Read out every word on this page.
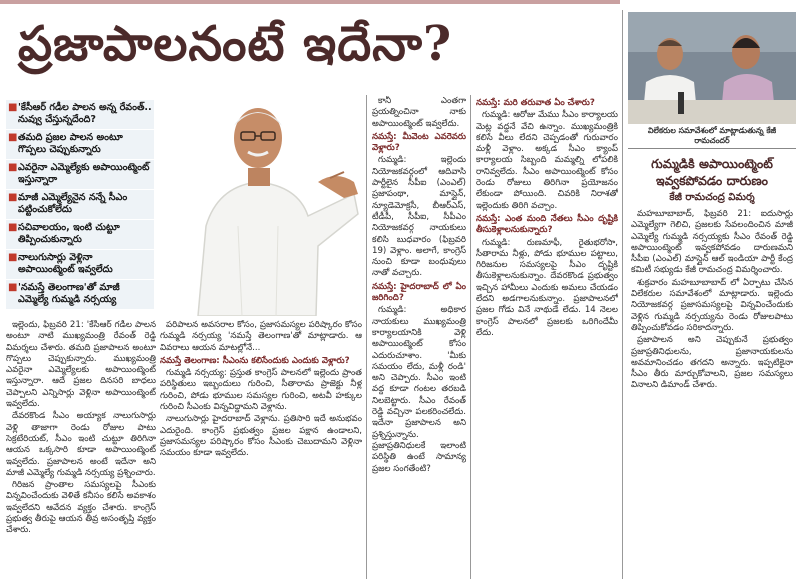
ప్రజాపాలనంటే ఇదేనా?
■ 'కేసీఆర్ గడీల పాలన అన్న రేవంత్.. నువ్వు చేస్తున్నదేంది?
■ తమది ప్రజల పాలన అంటూ గొప్పలు చెప్పుకున్నారు
■ ఎవరైనా ఎమ్మెల్యేకు అపాయింట్మెంట్ ఇస్తున్నారా
■ మాజీ ఎమ్మెల్యేనైన నన్నే సీఎం పట్టించుకోలేదు
■ సచివాలయం, ఇంటి చుట్టూ తిప్పించుకున్నారు
■ నాలుగుసార్లు వెళ్లినా అపాయింట్మెంట్ ఇవ్వలేదు
■ 'నమస్తే తెలంగాణ'తో మాజీ ఎమ్మెల్యే గుమ్మడి నర్సయ్య

ఇల్లెందు, ఫిబ్రవరి 21: 'కేసీఆర్ గడీల పాలన అంటూ నాటి ముఖ్యమంత్రి రేవంత్ రెడ్డి విమర్శలు చేశారు. తమది ప్రజాపాలన అంటూ గొప్పలు చెప్పుకున్నారు. ముఖ్యమంత్రి ఎవరైనా ఎమ్మెల్యేలకు అపాయింట్మెంట్ ఇస్తున్నారా. ఆదే ప్రజల దినసరి బాధలు చెప్పాలని ఎన్నిసార్లు వెళ్లినా అపాయింట్మెంట్ ఇవ్వలేదు.

దేవరకొండ సీఎం అయ్యాక నాలుగుసార్లు వెళ్లి తాజాగా రెండు రోజుల పాటు సెక్రటేరియట్, సీఎం ఇంటి చుట్టూ తిరిగినా ఆయన ఒక్కసారి కూడా అపాయింట్మెంట్ ఇవ్వలేదు. ప్రజాపాలన అంటే ఇదేనా అని మాజీ ఎమ్మెల్యే గుమ్మడి నర్సయ్య ప్రశ్నించారు.

గిరిజన ప్రాంతాల సమస్యలపై సీఎంకు విన్నవించేందుకు వెళితే కనీసం కలిసే అవకాశం ఇవ్వలేదని ఆవేదన వ్యక్తం చేశారు. కాంగ్రెస్ ప్రభుత్వ తీరుపై ఆయన తీవ్ర అసంతృప్తి వ్యక్తం చేశారు.

పరిపాలన అవసరాల కోసం, ప్రజాసమస్యల పరిష్కారం కోసం గుమ్మడి నర్సయ్య 'నమస్తే తెలంగాణ'తో మాట్లాడారు. ఆ వివరాలు ఆయన మాటల్లోనే...

నమస్తే తెలంగాణ: సీఎంను కలిసేందుకు ఎందుకు వెళ్లారు?

గుమ్మడి నర్సయ్య: ప్రస్తుత కాంగ్రెస్ పాలనలో ఇల్లెందు ప్రాంత పరిస్థితులు ఇబ్బందులు గురించి, సీతారామ ప్రాజెక్టు నీళ్ల గురించి, పోడు భూముల సమస్యల గురించి, అటవీ హక్కుల గురించి సీఎంకు విన్నవిద్దామని వెళ్లాను.

నాలుగుసార్లు హైదరాబాద్ వెళ్లాను. ప్రతిసారి ఇదే అనుభవం ఎదురైంది. కాంగ్రెస్ ప్రభుత్వం ప్రజల పక్షాన ఉండాలని, ప్రజాసమస్యల పరిష్కారం కోసం సీఎంకు చెబుదామని వెళ్లినా సమయం కూడా ఇవ్వలేదు.

కానీ ఎంతగా ప్రయత్నించినా నాకు అపాయింట్మెంట్ ఇవ్వలేదు.

నమస్తే: మీవెంట ఎవరెవరు వెళ్లారు?

గుమ్మడి: ఇల్లెందు నియోజకవర్గంలో ఆదివాసి పార్టీలైన సీపీఐ (ఎంఎల్) ప్రజాపంథా, మాస్లైన్, న్యూడెమోక్రసీ, బీఆర్ఎస్, టీడీపీ, సీపీఐ, సీపీఎం నియోజకవర్గ నాయకులు కలిసి బుధవారం (ఫిబ్రవరి 19) వెళ్లాం. అలాగే, కాంగ్రెస్ నుంచి కూడా బంధువులు నాతో వచ్చారు.

నమస్తే: హైదరాబాద్ లో ఏం జరిగింది?

గుమ్మడి: అధికార నాయకులు ముఖ్యమంత్రి కార్యాలయానికి వెళ్లి అపాయింట్మెంట్ కోసం ఎదురుచూశాం. 'మీకు సమయం లేదు, మళ్లీ రండి' అని చెప్పారు. సీఎం ఇంటి వద్ద కూడా గంటల తరబడి నిలబెట్టారు. సీఎం రేవంత్ రెడ్డి వచ్చినా పలకరించలేదు. ఇదేనా ప్రజాపాలన అని ప్రశ్నిస్తున్నాను. ప్రజాప్రతినిధులకే ఇలాంటి పరిస్థితి ఉంటే సామాన్య ప్రజల సంగతేంటి?

నమస్తే: మరి తరువాత ఏం చేశారు?

గుమ్మడి: ఆరోజు మేము సీఎం కార్యాలయ మెట్ల వద్దనే వేచి ఉన్నాం. ముఖ్యమంత్రికి కలిసే వీలు లేదని చెప్పడంతో గురువారం మళ్లీ వెళ్లాం. అక్కడ సీఎం క్యాంప్ కార్యాలయ సిబ్బంది మమ్మల్ని లోపలికి రానివ్వలేదు. సీఎం అపాయింట్మెంట్ కోసం రెండు రోజులు తిరిగినా ప్రయోజనం లేకుండా పోయింది. చివరికి నిరాశతో ఇల్లెందుకు తిరిగి వచ్చాం.

నమస్తే: ఎంత మంది నేతలు సీఎం దృష్టికి తీసుకెళ్లాలనుకున్నారు?

గుమ్మడి: రుణమాఫీ, రైతుభరోసా, సీతారామ నీళ్లు, పోడు భూముల పట్టాలు, గిరిజనుల సమస్యలపై సీఎం దృష్టికి తీసుకెళ్లాలనుకున్నాం. దేవరకొండ ప్రభుత్వం ఇచ్చిన హామీలు ఎందుకు అమలు చేయడం లేదని అడగాలనుకున్నాం. ప్రజాపాలనలో ప్రజల గోడు వినే నాథుడే లేడు. 14 నెలల కాంగ్రెస్ పాలనలో ప్రజలకు ఒరిగిందేమీ లేదు.

విలేకరుల సమావేశంలో మాట్లాడుతున్న కేజీ రామచందర్
గుమ్మడికి అపాయింట్మెంట్ ఇవ్వకపోవడం దారుణం
కేజీ రామచంద్ర విమర్శ

మహబూబాబాద్, ఫిబ్రవరి 21: ఐదుసార్లు ఎమ్మెల్యేగా గెలిచి, ప్రజలకు సేవలందించిన మాజీ ఎమ్మెల్యే గుమ్మడి నర్సయ్యకు సీఎం రేవంత్ రెడ్డి అపాయింట్మెంట్ ఇవ్వకపోవడం దారుణమని సీపీఐ (ఎంఎల్) మాస్లైన్ ఆల్ ఇండియా పార్టీ కేంద్ర కమిటీ సభ్యుడు కేజీ రామచంద్ర విమర్శించారు.

శుక్రవారం మహబూబాబాద్ లో ఏర్పాటు చేసిన విలేకరుల సమావేశంలో మాట్లాడారు. ఇల్లెందు నియోజకవర్గ ప్రజాసమస్యలపై విన్నవించేందుకు వెళ్లిన గుమ్మడి నర్సయ్యను రెండు రోజులపాటు తిప్పించుకోవడం సరికాదన్నారు.

ప్రజాపాలన అని చెప్పుకునే ప్రభుత్వం ప్రజాప్రతినిధులను, ప్రజానాయకులను అవమానించడం తగదని అన్నారు. ఇప్పటికైనా సీఎం తీరు మార్చుకోవాలని, ప్రజల సమస్యలు వినాలని డిమాండ్ చేశారు.
